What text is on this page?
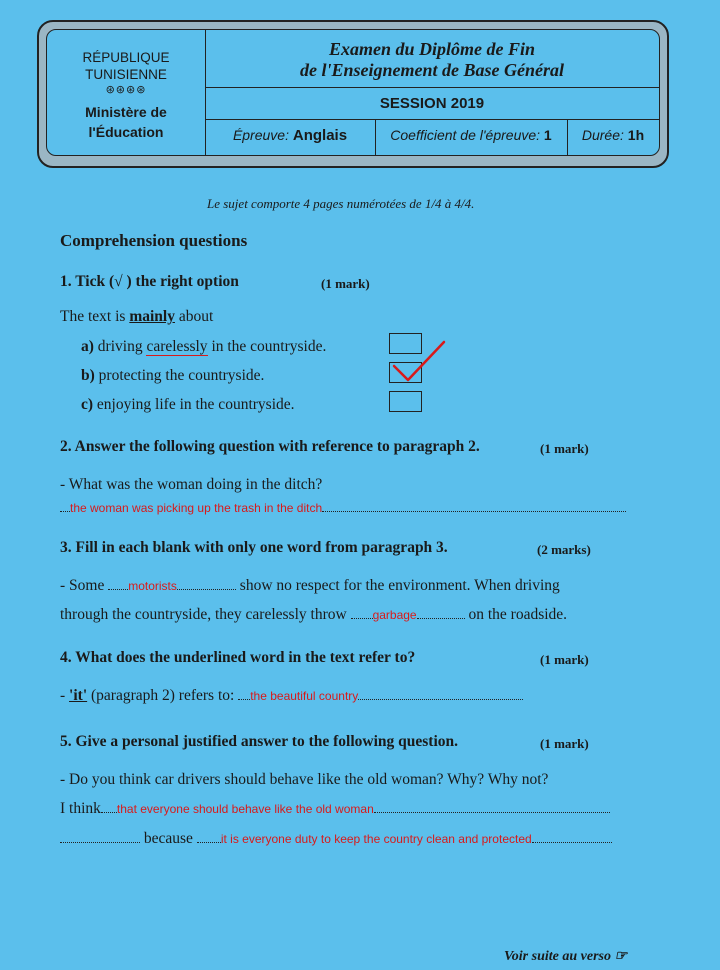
RÉPUBLIQUE
TUNISIENNE
⊛⊛⊛⊛
Ministère de
l'Éducation
Examen du Diplôme de Fin
de l'Enseignement de Base Général
SESSION 2019
Épreuve: Anglais	Coefficient de l'épreuve: 1	Durée: 1h
Le sujet comporte 4 pages numérotées de 1/4 à 4/4.
Comprehension questions
1. Tick (√ ) the right option	(1 mark)
The text is mainly about
a) driving carelessly in the countryside.
b) protecting the countryside.
c) enjoying life in the countryside.
2. Answer the following question with reference to paragraph 2.	(1 mark)
- What was the woman doing in the ditch?
the woman was picking up the trash in the ditch
3. Fill in each blank with only one word from paragraph 3.	(2 marks)
- Some motorists	show no respect for the environment. When driving
through the countryside, they carelessly throw garbage	on the roadside.
4. What does the underlined word in the text refer to?	(1 mark)
- 'it' (paragraph 2) refers to: the beautiful country
5. Give a personal justified answer to the following question.	(1 mark)
- Do you think car drivers should behave like the old woman? Why? Why not?
I think that everyone should behave like the old woman
because it is everyone duty to keep the country clean and protected
Voir suite au verso ☞
